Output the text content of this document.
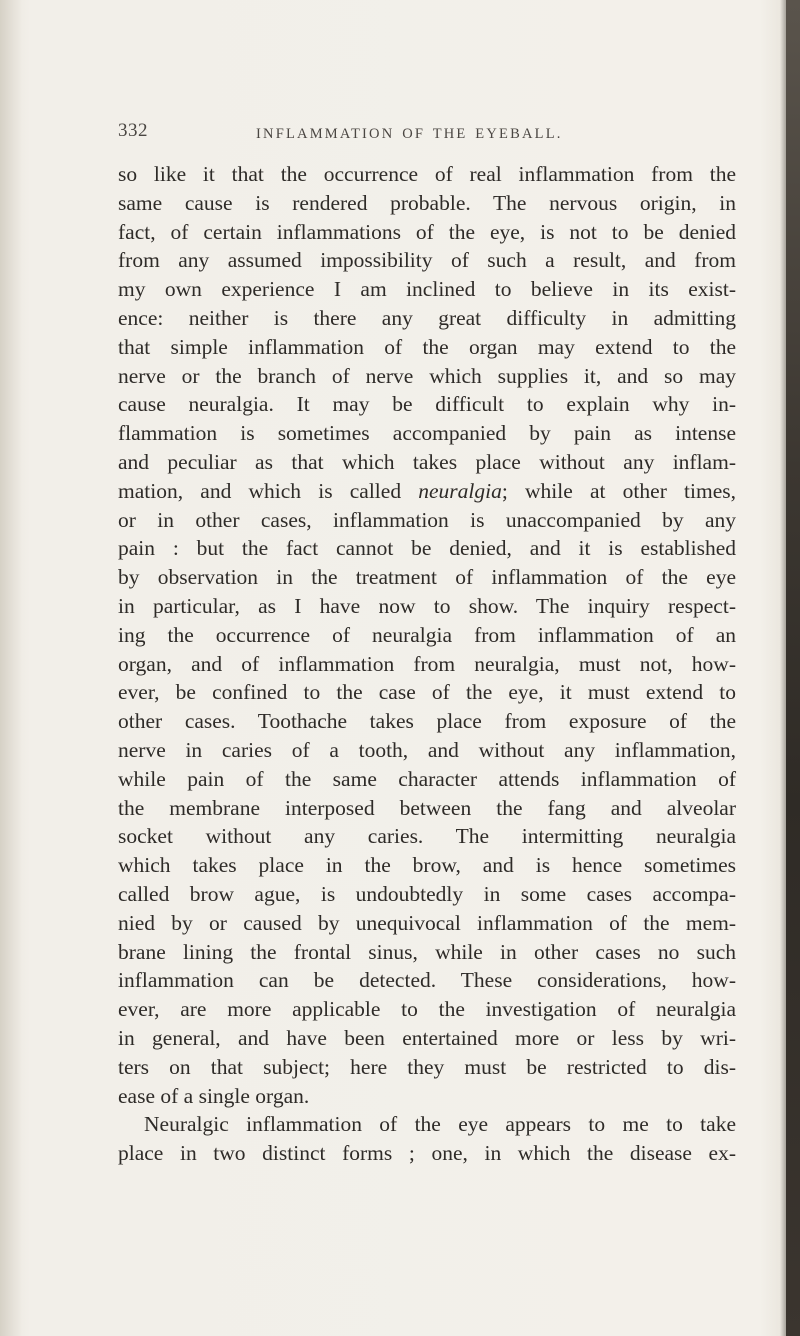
332	INFLAMMATION OF THE EYEBALL.
so like it that the occurrence of real inflammation from the
same cause is rendered probable. The nervous origin, in
fact, of certain inflammations of the eye, is not to be denied
from any assumed impossibility of such a result, and from
my own experience I am inclined to believe in its exist-
ence: neither is there any great difficulty in admitting
that simple inflammation of the organ may extend to the
nerve or the branch of nerve which supplies it, and so may
cause neuralgia. It may be difficult to explain why in-
flammation is sometimes accompanied by pain as intense
and peculiar as that which takes place without any inflam-
mation, and which is called neuralgia; while at other times,
or in other cases, inflammation is unaccompanied by any
pain : but the fact cannot be denied, and it is established
by observation in the treatment of inflammation of the eye
in particular, as I have now to show. The inquiry respect-
ing the occurrence of neuralgia from inflammation of an
organ, and of inflammation from neuralgia, must not, how-
ever, be confined to the case of the eye, it must extend to
other cases. Toothache takes place from exposure of the
nerve in caries of a tooth, and without any inflammation,
while pain of the same character attends inflammation of
the membrane interposed between the fang and alveolar
socket without any caries. The intermitting neuralgia
which takes place in the brow, and is hence sometimes
called brow ague, is undoubtedly in some cases accompa-
nied by or caused by unequivocal inflammation of the mem-
brane lining the frontal sinus, while in other cases no such
inflammation can be detected. These considerations, how-
ever, are more applicable to the investigation of neuralgia
in general, and have been entertained more or less by wri-
ters on that subject; here they must be restricted to dis-
ease of a single organ.
Neuralgic inflammation of the eye appears to me to take
place in two distinct forms ; one, in which the disease ex-
